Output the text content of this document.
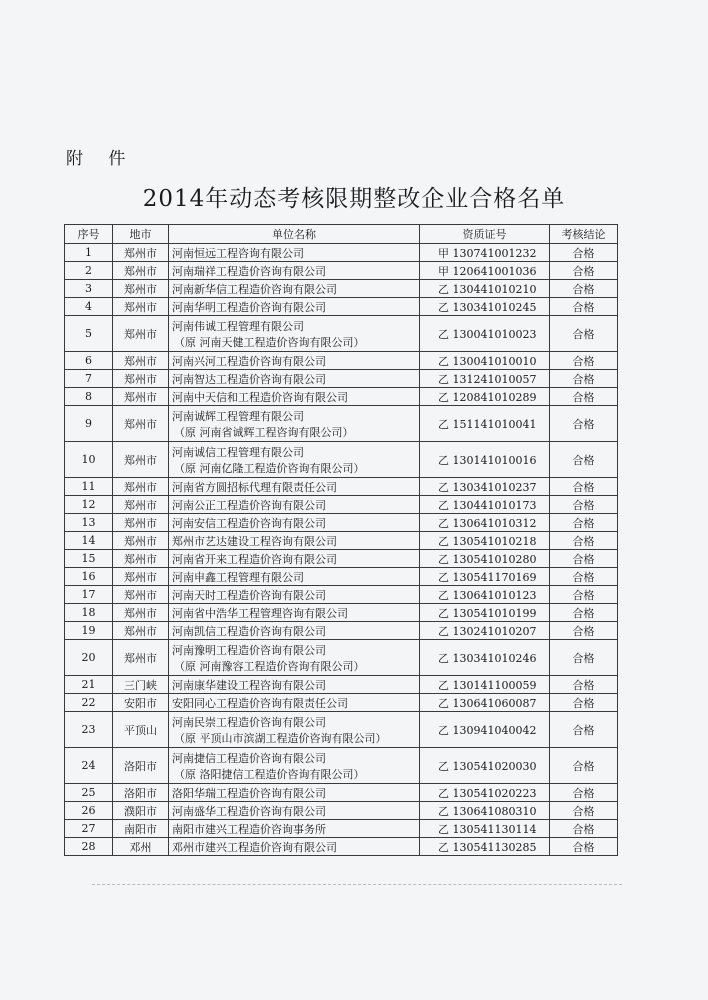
附 件
2014年动态考核限期整改企业合格名单
序号	地市	单位名称	资质证号	考核结论
1	郑州市	河南恒远工程咨询有限公司	甲 130741001232	合格
2	郑州市	河南瑞祥工程造价咨询有限公司	甲 120641001036	合格
3	郑州市	河南新华信工程造价咨询有限公司	乙 130441010210	合格
4	郑州市	河南华明工程造价咨询有限公司	乙 130341010245	合格
5	郑州市	河南伟诚工程管理有限公司
（原 河南天健工程造价咨询有限公司）	乙 130041010023	合格
6	郑州市	河南兴河工程造价咨询有限公司	乙 130041010010	合格
7	郑州市	河南智达工程造价咨询有限公司	乙 131241010057	合格
8	郑州市	河南中天信和工程造价咨询有限公司	乙 120841010289	合格
9	郑州市	河南诚辉工程管理有限公司
（原 河南省诚辉工程咨询有限公司）	乙 151141010041	合格
10	郑州市	河南诚信工程管理有限公司
（原 河南亿隆工程造价咨询有限公司）	乙 130141010016	合格
11	郑州市	河南省方圆招标代理有限责任公司	乙 130341010237	合格
12	郑州市	河南公正工程造价咨询有限公司	乙 130441010173	合格
13	郑州市	河南安信工程造价咨询有限公司	乙 130641010312	合格
14	郑州市	郑州市艺达建设工程咨询有限公司	乙 130541010218	合格
15	郑州市	河南省开来工程造价咨询有限公司	乙 130541010280	合格
16	郑州市	河南申鑫工程管理有限公司	乙 130541170169	合格
17	郑州市	河南天时工程造价咨询有限公司	乙 130641010123	合格
18	郑州市	河南省中浩华工程管理咨询有限公司	乙 130541010199	合格
19	郑州市	河南凯信工程造价咨询有限公司	乙 130241010207	合格
20	郑州市	河南豫明工程造价咨询有限公司
（原 河南豫容工程造价咨询有限公司）	乙 130341010246	合格
21	三门峡	河南康华建设工程咨询有限公司	乙 130141100059	合格
22	安阳市	安阳同心工程造价咨询有限责任公司	乙 130641060087	合格
23	平顶山	河南民崇工程造价咨询有限公司
（原 平顶山市滨湖工程造价咨询有限公司）	乙 130941040042	合格
24	洛阳市	河南捷信工程造价咨询有限公司
（原 洛阳捷信工程造价咨询有限公司）	乙 130541020030	合格
25	洛阳市	洛阳华瑞工程造价咨询有限公司	乙 130541020223	合格
26	濮阳市	河南盛华工程造价咨询有限公司	乙 130641080310	合格
27	南阳市	南阳市建兴工程造价咨询事务所	乙 130541130114	合格
28	邓州	邓州市建兴工程造价咨询有限公司	乙 130541130285	合格
